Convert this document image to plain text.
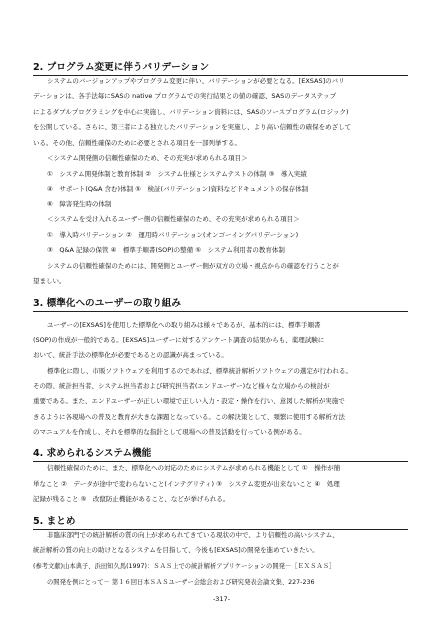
2. プログラム変更に伴うバリデーション
システムのバージョンアップやプログラム変更に伴い、バリデーションが必要となる。[EXSAS]のバリ
デーションは、各手法毎にSASの native プログラムでの実行結果との値の確認、SASのデータステップ
によるダブルプログラミングを中心に実施し、バリデーション資料には、SASのソースプログラム(ロジック)
を公開している。さらに、第三者による独立したバリデーションを実施し、より高い信頼性の確保をめざして
いる。その他、信頼性確保のために必要とされる項目を一部列挙する。
＜システム開発側の信頼性確保のため、その充実が求められる項目＞
①　システム開発体制と教育体制 ②　システム仕様とシステムテストの体制 ③　導入実績
④　サポート(Q&A 含む)体制 ⑤　検証(バリデーション)資料などドキュメントの保存体制
⑥　障害発生時の体制
＜システムを受け入れるユーザー側の信頼性確保のため、その充実が求められる項目＞
①　導入時バリデーション ②　運用時バリデーション(オンゴーイングバリデーション)
③　Q&A 記録の保管 ④　標準手順書(SOP)の整備 ⑤　システム利用者の教育体制
システムの信頼性確保のためには、開発側とユーザー側が双方の立場・視点からの確認を行うことが
望ましい。
3. 標準化へのユーザーの取り組み
ユーザーの[EXSAS]を使用した標準化への取り組みは様々であるが、基本的には、標準手順書
(SOP)の作成が一般的である。[EXSAS]ユーザーに対するアンケート調査の結果からも、薬理試験に
おいて、統計手法の標準化が必要であるとの認識が高まっている。
標準化に際し、市販ソフトウェアを利用するのであれば、標準統計解析ソフトウェアの選定が行われる。
その際、統計担当者、システム担当者および研究担当者(エンドユーザー)など様々な立場からの検討が
重要である。また、エンドユーザーが正しい環境で正しい入力・設定・操作を行い、意図した解析が実施で
きるように各現場への普及と教育が大きな課題となっている。この解決策として、頻繁に使用する解析方法
のマニュアルを作成し、それを標準的な指針として現場への普及活動を行っている例がある。
4. 求められるシステム機能
信頼性確保のために、また、標準化への対応のためにシステムが求められる機能として ①　操作が簡
単なこと ②　データが途中で変わらないこと(インテグリティ) ③　システム変更が出来ないこと ④　処理
記録が残ること ⑤　改竄防止機能があること、などが挙げられる。
5. まとめ
非臨床部門での統計解析の質の向上が求められてきている現状の中で、より信頼性の高いシステム、
統計解析の質の向上の助けとなるシステムを目指して、今後も[EXSAS]の開発を進めていきたい。
(参考文献)山本典子、浜田知久馬(1997)：ＳＡＳ上での統計解析アプリケーションの開発－［ＥＸＳＡＳ］
の開発を例にとって－ 第１６回日本ＳＡＳユーザー会総会および研究発表会論文集、227-236
-317-
